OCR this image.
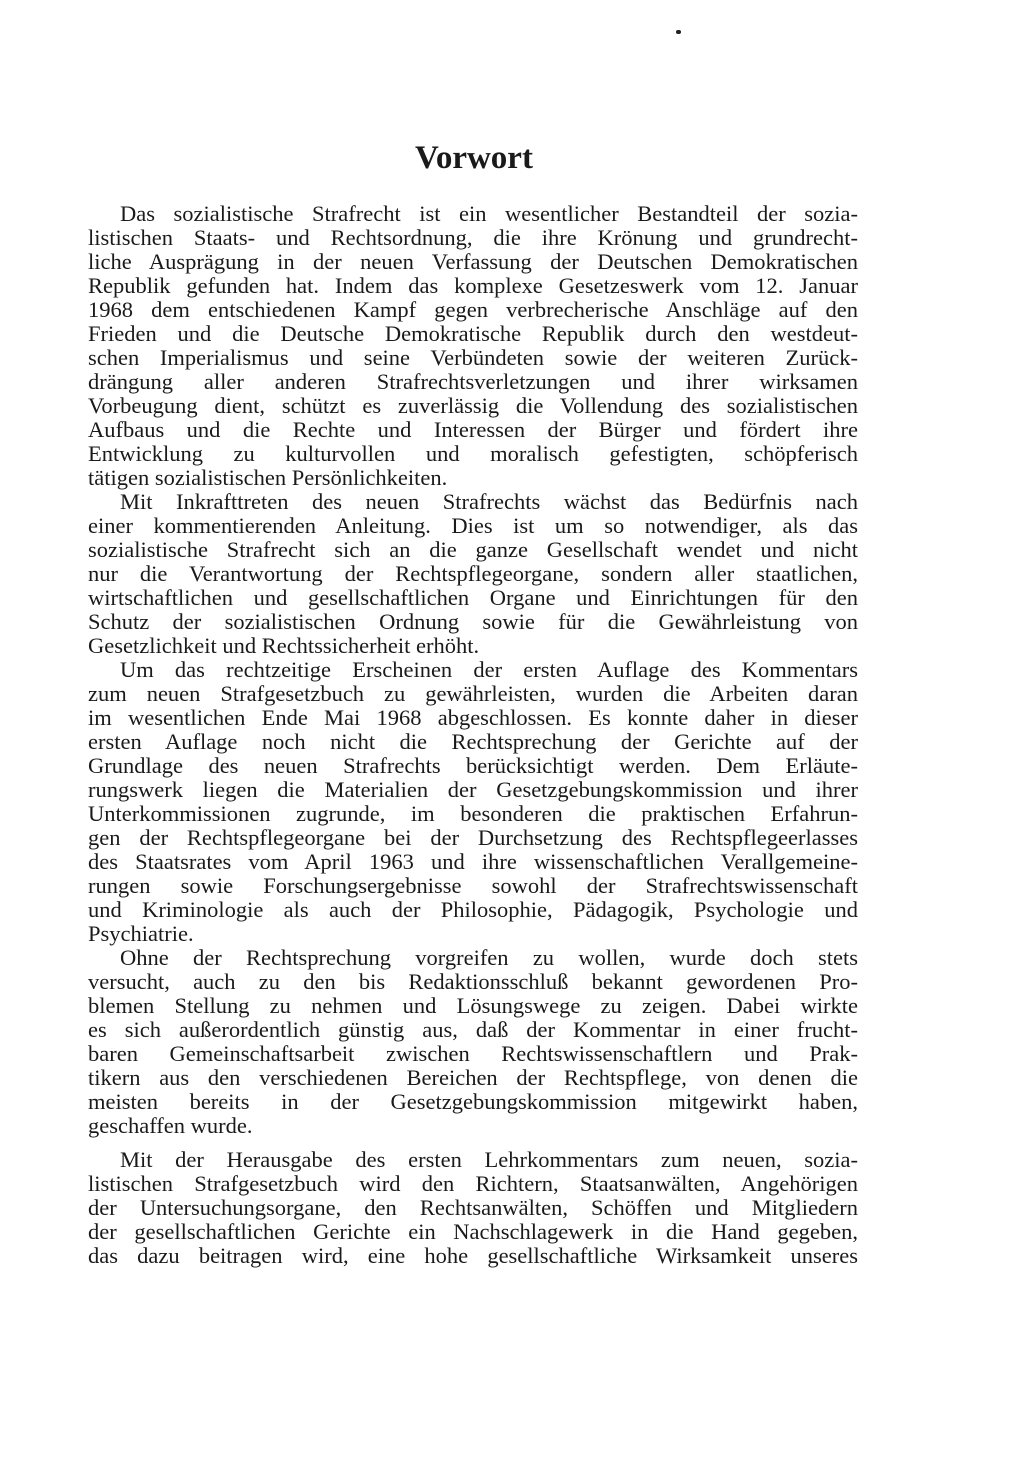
Vorwort
Das sozialistische Strafrecht ist ein wesentlicher Bestandteil der sozia-
listischen Staats- und Rechtsordnung, die ihre Krönung und grundrecht-
liche Ausprägung in der neuen Verfassung der Deutschen Demokratischen
Republik gefunden hat. Indem das komplexe Gesetzeswerk vom 12. Januar
1968 dem entschiedenen Kampf gegen verbrecherische Anschläge auf den
Frieden und die Deutsche Demokratische Republik durch den westdeut-
schen Imperialismus und seine Verbündeten sowie der weiteren Zurück-
drängung aller anderen Strafrechtsverletzungen und ihrer wirksamen
Vorbeugung dient, schützt es zuverlässig die Vollendung des sozialistischen
Aufbaus und die Rechte und Interessen der Bürger und fördert ihre
Entwicklung zu kulturvollen und moralisch gefestigten, schöpferisch
tätigen sozialistischen Persönlichkeiten.
Mit Inkrafttreten des neuen Strafrechts wächst das Bedürfnis nach
einer kommentierenden Anleitung. Dies ist um so notwendiger, als das
sozialistische Strafrecht sich an die ganze Gesellschaft wendet und nicht
nur die Verantwortung der Rechtspflegeorgane, sondern aller staatlichen,
wirtschaftlichen und gesellschaftlichen Organe und Einrichtungen für den
Schutz der sozialistischen Ordnung sowie für die Gewährleistung von
Gesetzlichkeit und Rechtssicherheit erhöht.
Um das rechtzeitige Erscheinen der ersten Auflage des Kommentars
zum neuen Strafgesetzbuch zu gewährleisten, wurden die Arbeiten daran
im wesentlichen Ende Mai 1968 abgeschlossen. Es konnte daher in dieser
ersten Auflage noch nicht die Rechtsprechung der Gerichte auf der
Grundlage des neuen Strafrechts berücksichtigt werden. Dem Erläute-
rungswerk liegen die Materialien der Gesetzgebungskommission und ihrer
Unterkommissionen zugrunde, im besonderen die praktischen Erfahrun-
gen der Rechtspflegeorgane bei der Durchsetzung des Rechtspflegeerlasses
des Staatsrates vom April 1963 und ihre wissenschaftlichen Verallgemeine-
rungen sowie Forschungsergebnisse sowohl der Strafrechtswissenschaft
und Kriminologie als auch der Philosophie, Pädagogik, Psychologie und
Psychiatrie.
Ohne der Rechtsprechung vorgreifen zu wollen, wurde doch stets
versucht, auch zu den bis Redaktionsschluß bekannt gewordenen Pro-
blemen Stellung zu nehmen und Lösungswege zu zeigen. Dabei wirkte
es sich außerordentlich günstig aus, daß der Kommentar in einer frucht-
baren Gemeinschaftsarbeit zwischen Rechtswissenschaftlern und Prak-
tikern aus den verschiedenen Bereichen der Rechtspflege, von denen die
meisten bereits in der Gesetzgebungskommission mitgewirkt haben,
geschaffen wurde.
Mit der Herausgabe des ersten Lehrkommentars zum neuen, sozia-
listischen Strafgesetzbuch wird den Richtern, Staatsanwälten, Angehörigen
der Untersuchungsorgane, den Rechtsanwälten, Schöffen und Mitgliedern
der gesellschaftlichen Gerichte ein Nachschlagewerk in die Hand gegeben,
das dazu beitragen wird, eine hohe gesellschaftliche Wirksamkeit unseres
